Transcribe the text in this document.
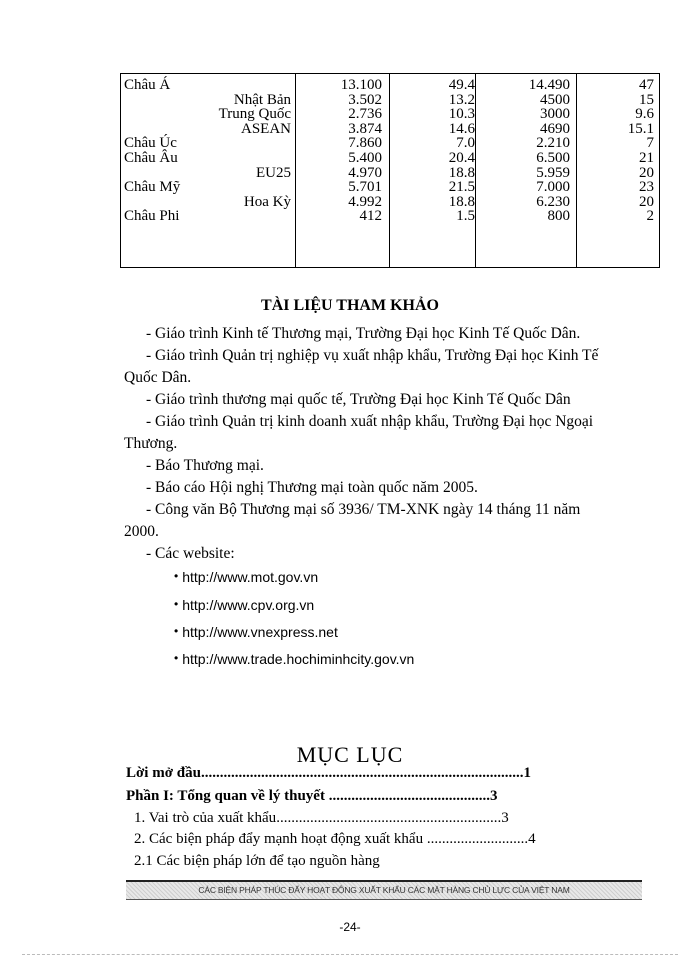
Châu Á	13.100	49.4	14.490	47
Nhật Bản	3.502	13.2	4500	15
Trung Quốc	2.736	10.3	3000	9.6
ASEAN	3.874	14.6	4690	15.1
Châu Úc	7.860	7.0	2.210	7
Châu Âu	5.400	20.4	6.500	21
EU25	4.970	18.8	5.959	20
Châu Mỹ	5.701	21.5	7.000	23
Hoa Kỳ	4.992	18.8	6.230	20
Châu Phi	412	1.5	800	2
TÀI LIỆU THAM KHẢO
- Giáo trình Kinh tế Thương mại, Trường Đại học Kinh Tế Quốc Dân.
- Giáo trình Quản trị nghiệp vụ xuất nhập khẩu, Trường Đại học Kinh Tế
Quốc Dân.
- Giáo trình thương mại quốc tế, Trường Đại học Kinh Tế Quốc Dân
- Giáo trình Quản trị kinh doanh xuất nhập khẩu, Trường Đại học Ngoại
Thương.
- Báo Thương mại.
- Báo cáo Hội nghị Thương mại toàn quốc năm 2005.
- Công văn Bộ Thương mại số 3936/ TM-XNK ngày 14 tháng 11 năm
2000.
- Các website:
• http://www.mot.gov.vn
• http://www.cpv.org.vn
• http://www.vnexpress.net
• http://www.trade.hochiminhcity.gov.vn
MỤC LỤC
Lời mở đầu......................................................................................1
Phần I: Tổng quan về lý thuyết ...........................................3
1. Vai trò của xuất khẩu............................................................3
2. Các biện pháp đẩy mạnh hoạt động xuất khẩu ...........................4
2.1 Các biện pháp lớn để tạo nguồn hàng
CÁC BIỆN PHÁP THÚC ĐẨY HOẠT ĐỘNG XUẤT KHẨU CÁC MẶT HÀNG CHỦ LỰC CỦA VIỆT NAM
-24-
